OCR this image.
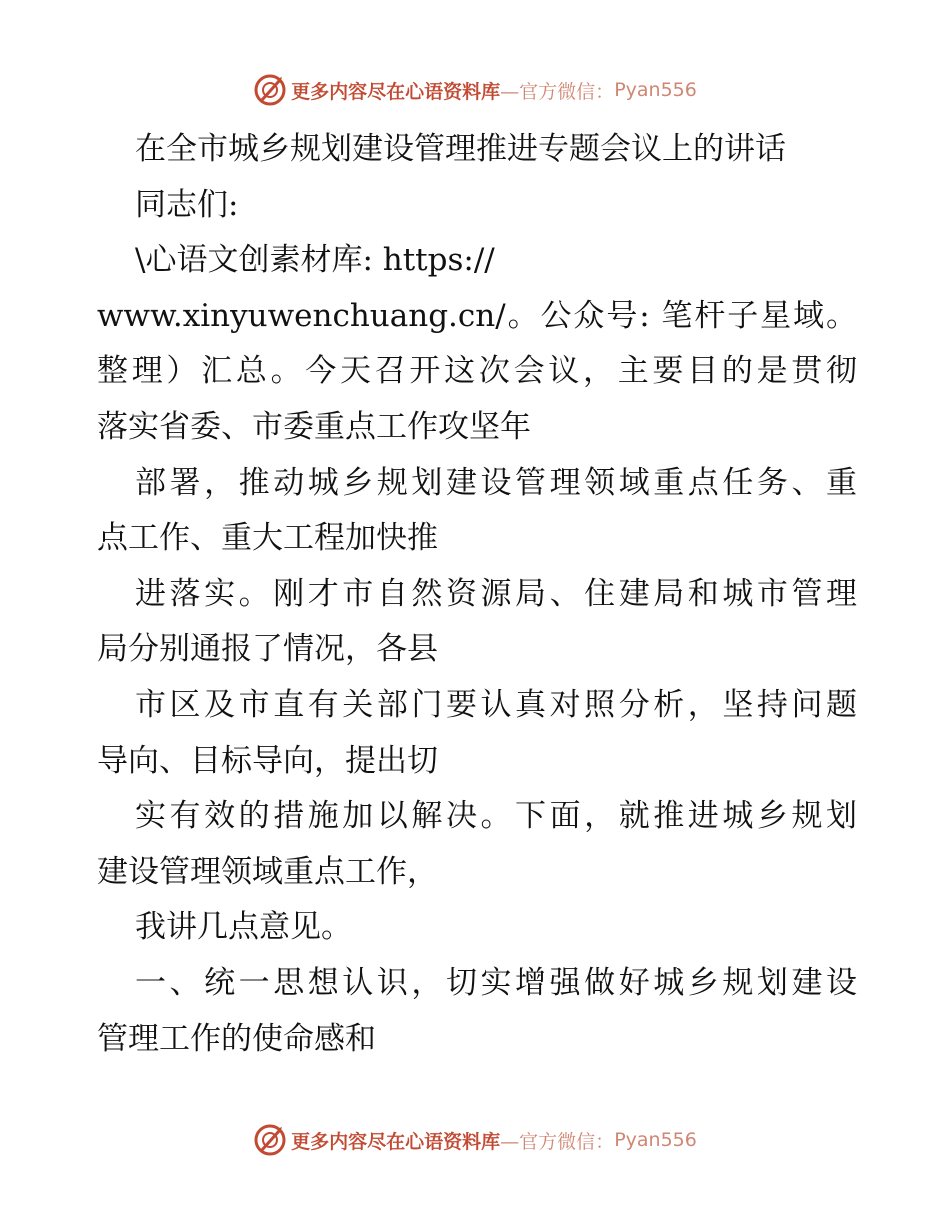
更多内容尽在心语资料库 —官方微信： Pyan556

在全市城乡规划建设管理推进专题会议上的讲话

同志们:

\心语文创素材库: https://

www.xinyuwenchuang.cn/。公众号: 笔杆子星域。

整理）汇总。今天召开这次会议，主要目的是贯彻

落实省委、市委重点工作攻坚年

部署，推动城乡规划建设管理领域重点任务、重

点工作、重大工程加快推

进落实。刚才市自然资源局、住建局和城市管理

局分别通报了情况，各县

市区及市直有关部门要认真对照分析，坚持问题

导向、目标导向，提出切

实有效的措施加以解决。下面，就推进城乡规划

建设管理领域重点工作，

我讲几点意见。

一、统一思想认识，切实增强做好城乡规划建设

管理工作的使命感和

更多内容尽在心语资料库 —官方微信： Pyan556
